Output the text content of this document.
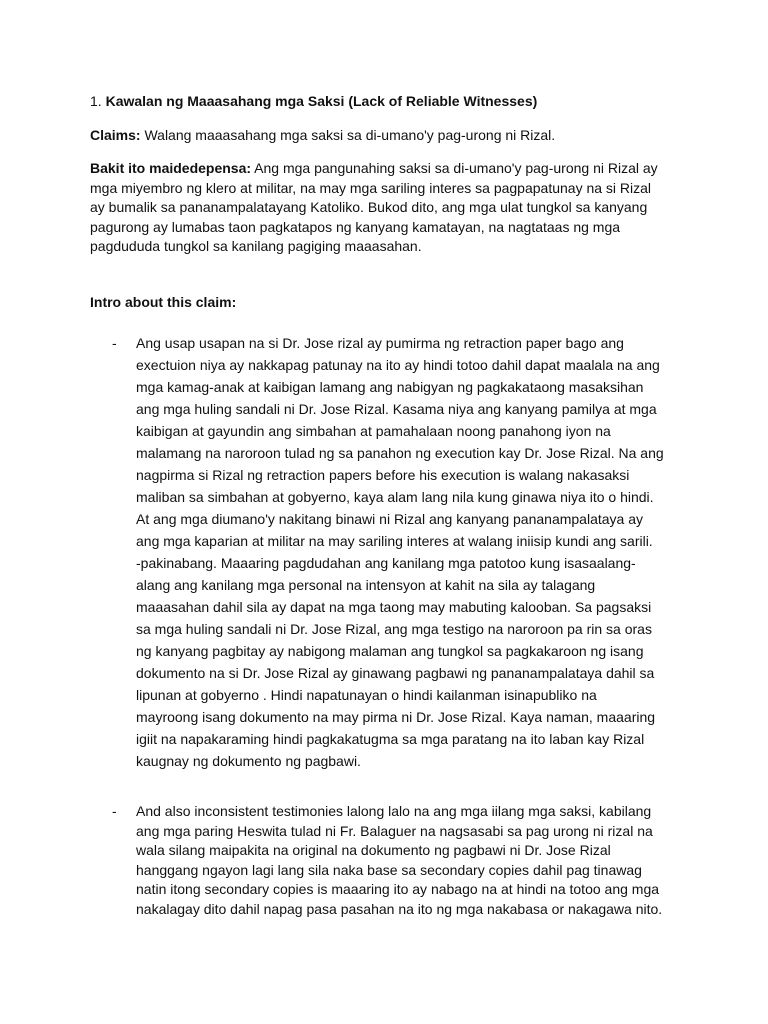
1. Kawalan ng Maaasahang mga Saksi (Lack of Reliable Witnesses)
Claims: Walang maaasahang mga saksi sa di-umano'y pag-urong ni Rizal.
Bakit ito maidedepensa: Ang mga pangunahing saksi sa di-umano'y pag-urong ni Rizal ay
mga miyembro ng klero at militar, na may mga sariling interes sa pagpapatunay na si Rizal
ay bumalik sa pananampalatayang Katoliko. Bukod dito, ang mga ulat tungkol sa kanyang
pagurong ay lumabas taon pagkatapos ng kanyang kamatayan, na nagtataas ng mga
pagdududa tungkol sa kanilang pagiging maaasahan.
Intro about this claim:
- Ang usap usapan na si Dr. Jose rizal ay pumirma ng retraction paper bago ang
exectuion niya ay nakkapag patunay na ito ay hindi totoo dahil dapat maalala na ang
mga kamag-anak at kaibigan lamang ang nabigyan ng pagkakataong masaksihan
ang mga huling sandali ni Dr. Jose Rizal. Kasama niya ang kanyang pamilya at mga
kaibigan at gayundin ang simbahan at pamahalaan noong panahong iyon na
malamang na naroroon tulad ng sa panahon ng execution kay Dr. Jose Rizal. Na ang
nagpirma si Rizal ng retraction papers before his execution is walang nakasaksi
maliban sa simbahan at gobyerno, kaya alam lang nila kung ginawa niya ito o hindi.
At ang mga diumano'y nakitang binawi ni Rizal ang kanyang pananampalataya ay
ang mga kaparian at militar na may sariling interes at walang iniisip kundi ang sarili.
-pakinabang. Maaaring pagdudahan ang kanilang mga patotoo kung isasaalang-
alang ang kanilang mga personal na intensyon at kahit na sila ay talagang
maaasahan dahil sila ay dapat na mga taong may mabuting kalooban. Sa pagsaksi
sa mga huling sandali ni Dr. Jose Rizal, ang mga testigo na naroroon pa rin sa oras
ng kanyang pagbitay ay nabigong malaman ang tungkol sa pagkakaroon ng isang
dokumento na si Dr. Jose Rizal ay ginawang pagbawi ng pananampalataya dahil sa
lipunan at gobyerno . Hindi napatunayan o hindi kailanman isinapubliko na
mayroong isang dokumento na may pirma ni Dr. Jose Rizal. Kaya naman, maaaring
igiit na napakaraming hindi pagkakatugma sa mga paratang na ito laban kay Rizal
kaugnay ng dokumento ng pagbawi.
- And also inconsistent testimonies lalong lalo na ang mga iilang mga saksi, kabilang
ang mga paring Heswita tulad ni Fr. Balaguer na nagsasabi sa pag urong ni rizal na
wala silang maipakita na original na dokumento ng pagbawi ni Dr. Jose Rizal
hanggang ngayon lagi lang sila naka base sa secondary copies dahil pag tinawag
natin itong secondary copies is maaaring ito ay nabago na at hindi na totoo ang mga
nakalagay dito dahil napag pasa pasahan na ito ng mga nakabasa or nakagawa nito.
